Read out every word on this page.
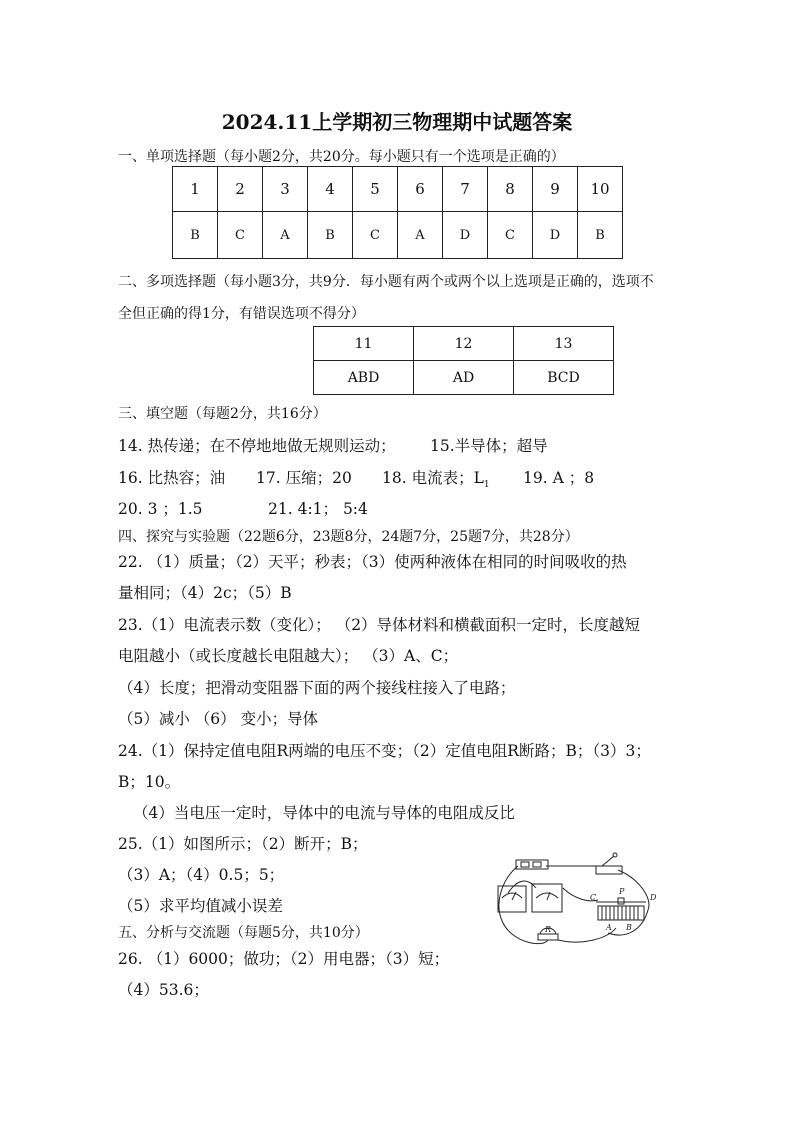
2024.11上学期初三物理期中试题答案
一、单项选择题（每小题2分，共20分。每小题只有一个选项是正确的）
1	2	3	4	5	6	7	8	9	10
B	C	A	B	C	A	D	C	D	B
二、多项选择题（每小题3分，共9分．每小题有两个或两个以上选项是正确的，选项不
全但正确的得1分，有错误选项不得分）
11	12	13
ABD	AD	BCD
三、填空题（每题2分，共16分）
14. 热传递；在不停地地做无规则运动； 15.半导体；超导
16. 比热容；油 17. 压缩；20 18. 电流表；$L_1$ 19. A ；8
20. 3 ；1.5	21. 4:1； 5:4
四、探究与实验题（22题6分，23题8分，24题7分，25题7分，共28分）
22. （1）质量；（2）天平；秒表；（3）使两种液体在相同的时间吸收的热
量相同；（4）2c；（5）B
23.（1）电流表示数（变化）； （2）导体材料和横截面积一定时，长度越短
电阻越小（或长度越长电阻越大）； （3）A、C；
（4）长度；把滑动变阻器下面的两个接线柱接入了电路；
（5）减小 （6） 变小；导体
24.（1）保持定值电阻R两端的电压不变；（2）定值电阻R断路；B；（3）3；
B；10。
（4）当电压一定时，导体中的电流与导体的电阻成反比
25.（1）如图所示；（2）断开；B；
（3）A；（4）0.5；5；
（5）求平均值减小误差
五、分析与交流题（每题5分，共10分）
26. （1）6000；做功；（2）用电器；（3）短；
（4）53.6；
C
P
D
A B
R
